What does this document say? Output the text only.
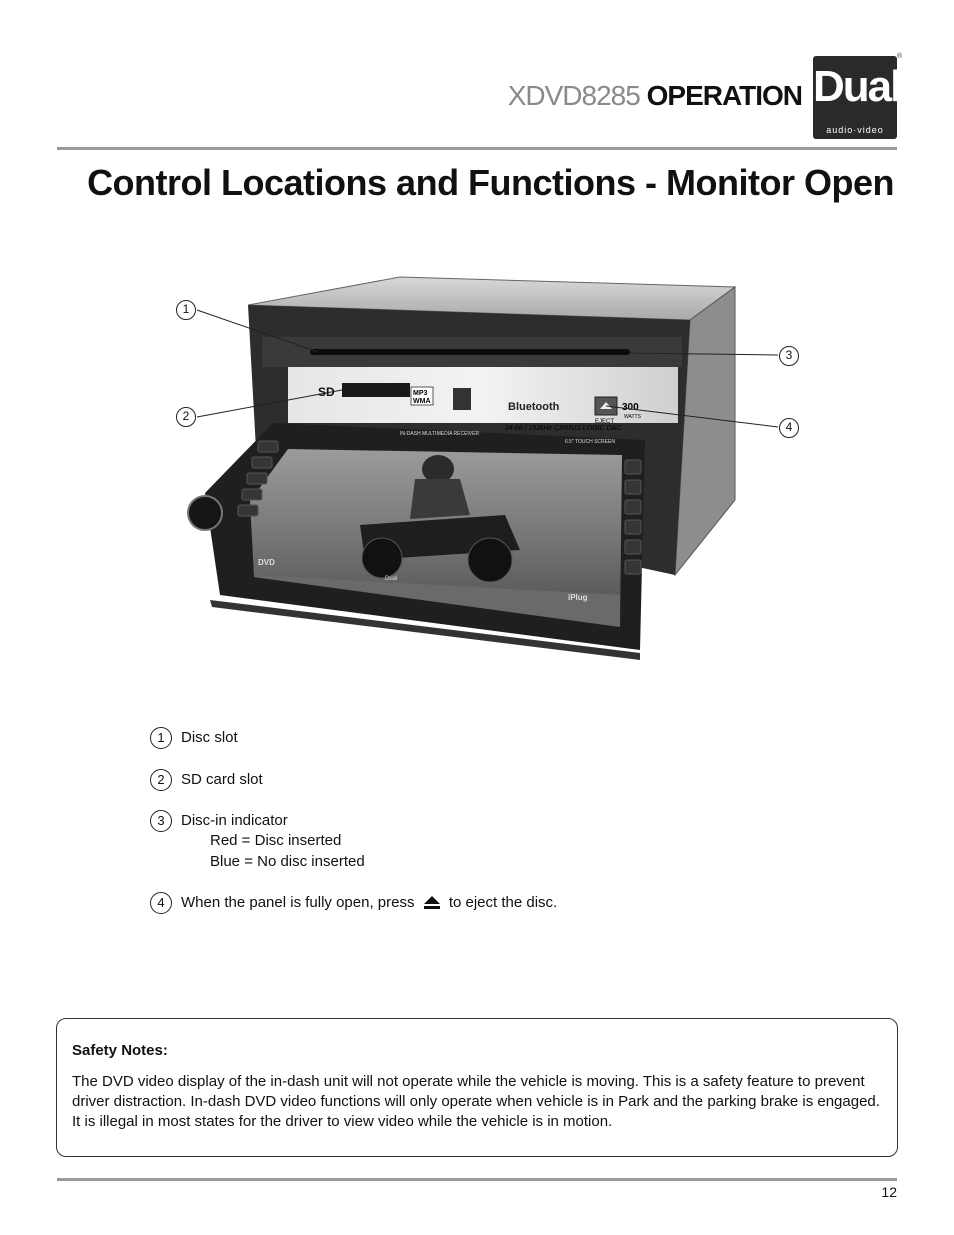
XDVD8285 OPERATION Dual
audio·video
®
Control Locations and Functions - Monitor Open
SD	MP3
WMA	Bluetooth
EJECT
300
WATTS
24-bit / 192kHz CIRRUS LOGIC DAC
IN-DASH MULTIMEDIA RECEIVER
6.5" TOUCH SCREEN
DVD
Dual
iPlug
1
2
3
4
1	Disc slot
2	SD card slot
3	Disc-in indicator
Red = Disc inserted
Blue = No disc inserted
4	When the panel is fully open, press to eject the disc.
Safety Notes:
The DVD video display of the in-dash unit will not operate while the vehicle is moving. This is a safety feature to prevent driver distraction. In-dash DVD video functions will only operate when vehicle is in Park and the parking brake is engaged. It is illegal in most states for the driver to view video while the vehicle is in motion.
12
